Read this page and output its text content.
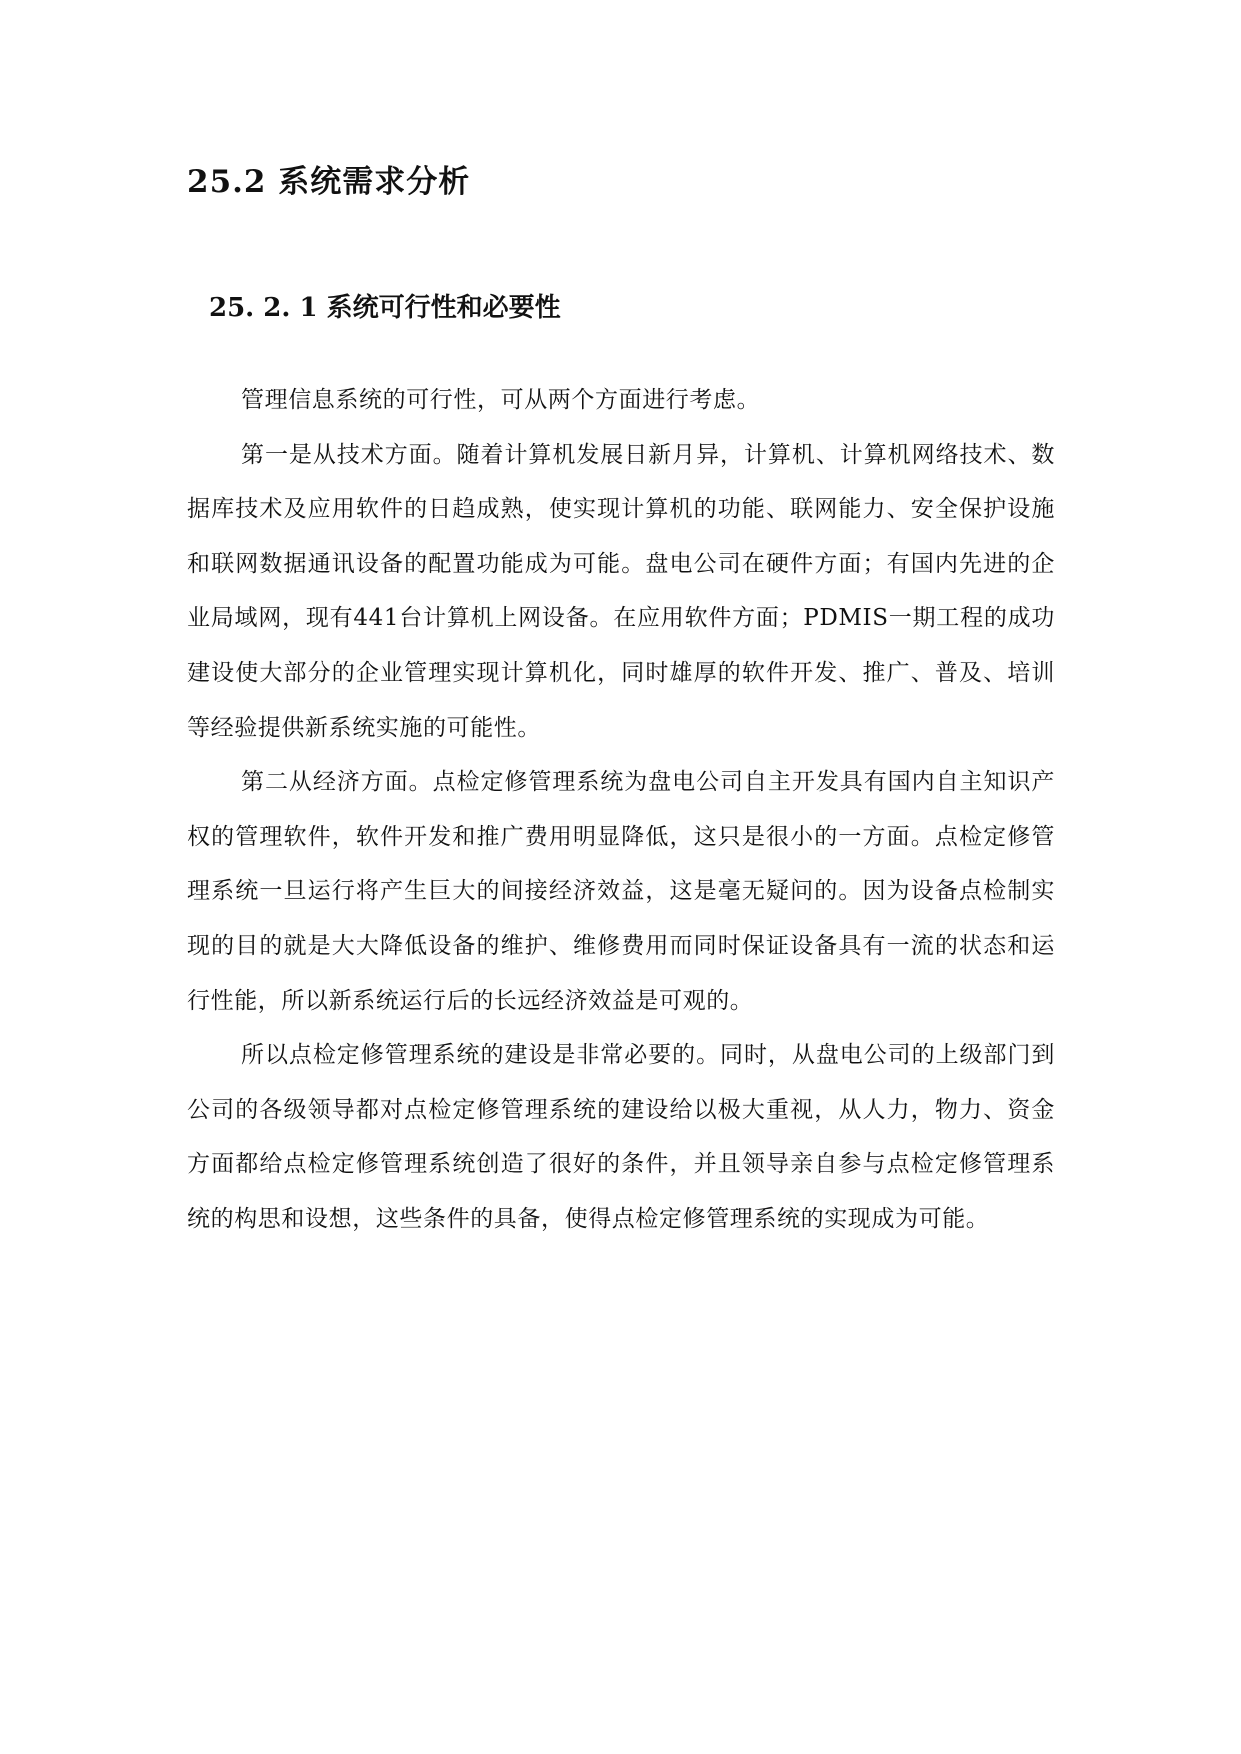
25.2 系统需求分析
25. 2. 1 系统可行性和必要性

管理信息系统的可行性，可从两个方面进行考虑。

第一是从技术方面。随着计算机发展日新月异，计算机、计算机网络技术、数据库技术及应用软件的日趋成熟，使实现计算机的功能、联网能力、安全保护设施和联网数据通讯设备的配置功能成为可能。盘电公司在硬件方面；有国内先进的企业局域网，现有441台计算机上网设备。在应用软件方面；PDMIS一期工程的成功建设使大部分的企业管理实现计算机化，同时雄厚的软件开发、推广、普及、培训等经验提供新系统实施的可能性。

第二从经济方面。点检定修管理系统为盘电公司自主开发具有国内自主知识产权的管理软件，软件开发和推广费用明显降低，这只是很小的一方面。点检定修管理系统一旦运行将产生巨大的间接经济效益，这是毫无疑问的。因为设备点检制实现的目的就是大大降低设备的维护、维修费用而同时保证设备具有一流的状态和运行性能，所以新系统运行后的长远经济效益是可观的。

所以点检定修管理系统的建设是非常必要的。同时，从盘电公司的上级部门到公司的各级领导都对点检定修管理系统的建设给以极大重视，从人力，物力、资金方面都给点检定修管理系统创造了很好的条件，并且领导亲自参与点检定修管理系统的构思和设想，这些条件的具备，使得点检定修管理系统的实现成为可能。
